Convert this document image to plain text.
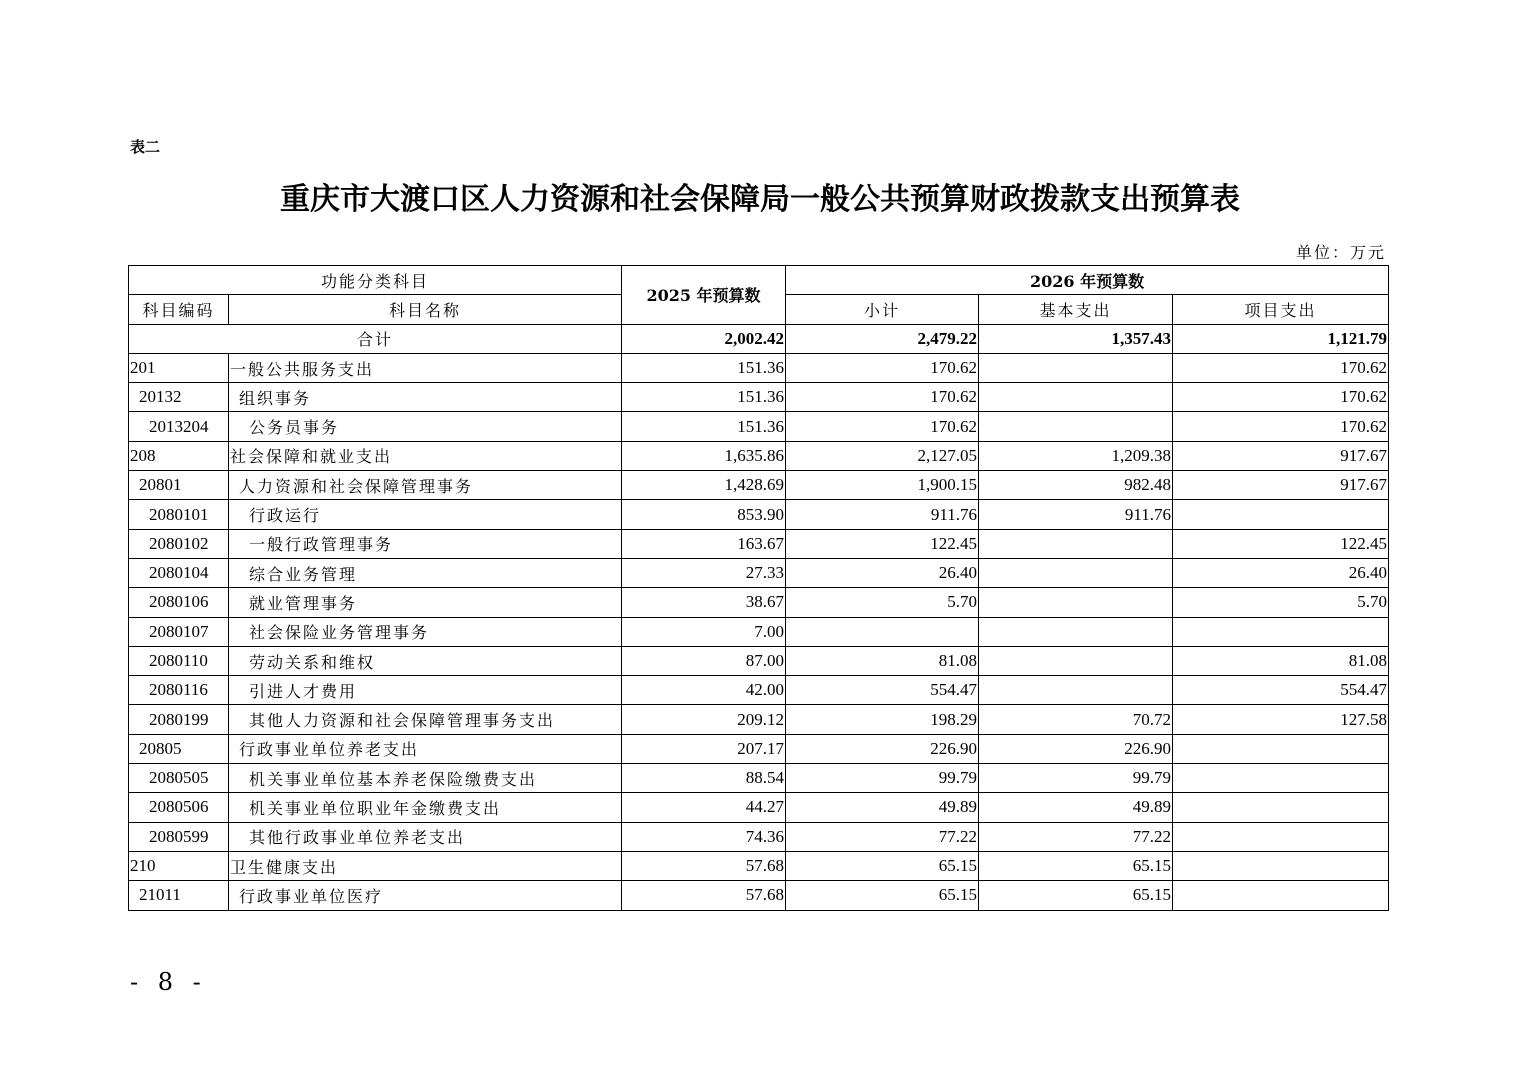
表二
重庆市大渡口区人力资源和社会保障局一般公共预算财政拨款支出预算表
单位：万元
功能分类科目		2025 年预算数	2026 年预算数		
科目编码	科目名称		小计	基本支出	项目支出
合计		2,002.42	2,479.22	1,357.43	1,121.79
201	一般公共服务支出	151.36	170.62		170.62
20132	组织事务	151.36	170.62		170.62
2013204	公务员事务	151.36	170.62		170.62
208	社会保障和就业支出	1,635.86	2,127.05	1,209.38	917.67
20801	人力资源和社会保障管理事务	1,428.69	1,900.15	982.48	917.67
2080101	行政运行	853.90	911.76	911.76	
2080102	一般行政管理事务	163.67	122.45		122.45
2080104	综合业务管理	27.33	26.40		26.40
2080106	就业管理事务	38.67	5.70		5.70
2080107	社会保险业务管理事务	7.00			
2080110	劳动关系和维权	87.00	81.08		81.08
2080116	引进人才费用	42.00	554.47		554.47
2080199	其他人力资源和社会保障管理事务支出	209.12	198.29	70.72	127.58
20805	行政事业单位养老支出	207.17	226.90	226.90	
2080505	机关事业单位基本养老保险缴费支出	88.54	99.79	99.79	
2080506	机关事业单位职业年金缴费支出	44.27	49.89	49.89	
2080599	其他行政事业单位养老支出	74.36	77.22	77.22	
210	卫生健康支出	57.68	65.15	65.15	
21011	行政事业单位医疗	57.68	65.15	65.15	
- 8 -
